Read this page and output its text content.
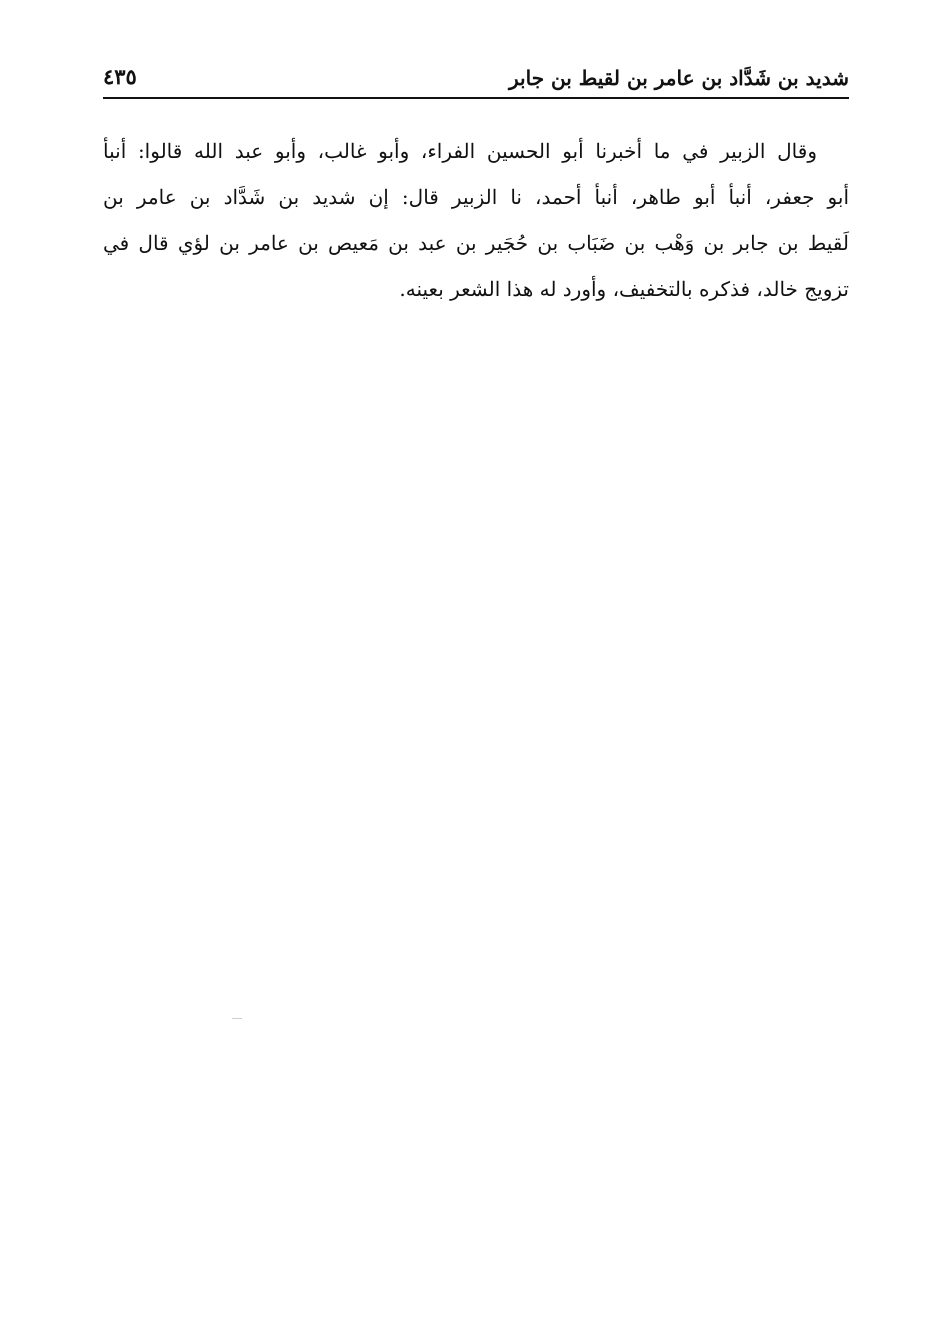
شديد بن شَدَّاد بن عامر بن لقيط بن جابر
٤٣٥
وقال الزبير في ما أخبرنا أبو الحسين الفراء، وأبو غالب، وأبو عبد الله قالوا: أنبأ
أبو جعفر، أنبأ أبو طاهر، أنبأ أحمد، نا الزبير قال: إن شديد بن شَدَّاد بن عامر بن
لَقيط بن جابر بن وَهْب بن ضَبَاب بن حُجَير بن عبد بن مَعيص بن عامر بن لؤي قال في
تزويج خالد، فذكره بالتخفيف، وأورد له هذا الشعر بعينه.
